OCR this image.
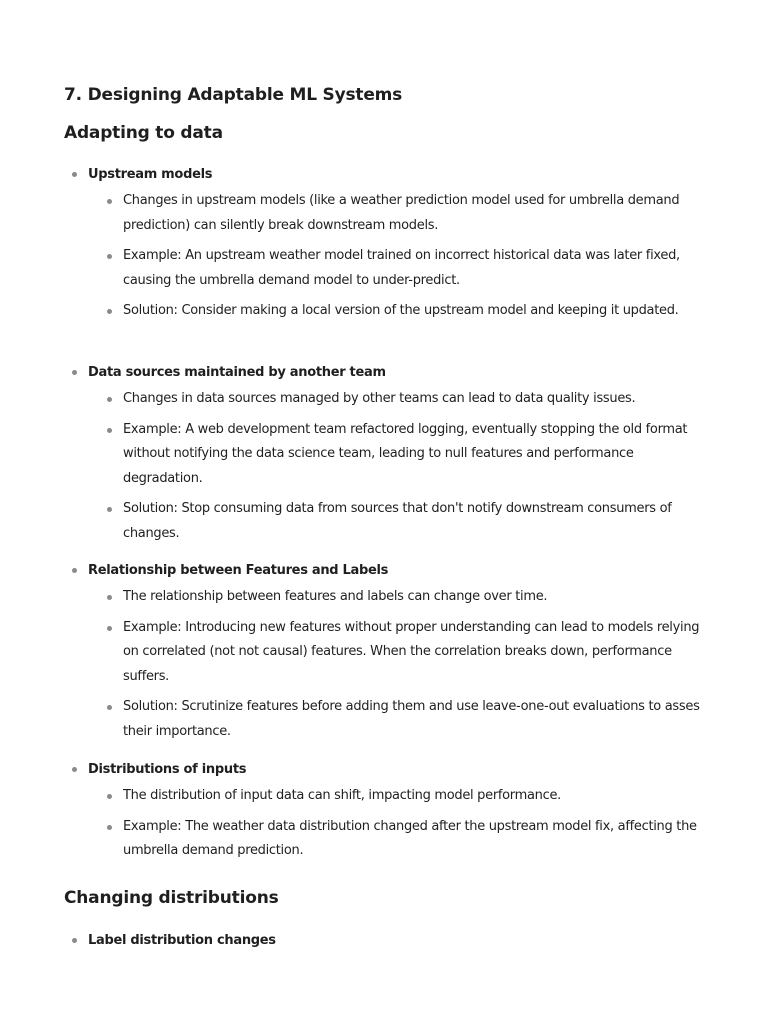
7. Designing Adaptable ML Systems
Adapting to data
Upstream models
Changes in upstream models (like a weather prediction model used for umbrella demand prediction) can silently break downstream models.
Example: An upstream weather model trained on incorrect historical data was later fixed, causing the umbrella demand model to under-predict.
Solution: Consider making a local version of the upstream model and keeping it updated.
Data sources maintained by another team
Changes in data sources managed by other teams can lead to data quality issues.
Example: A web development team refactored logging, eventually stopping the old format without notifying the data science team, leading to null features and performance degradation.
Solution: Stop consuming data from sources that don't notify downstream consumers of changes.
Relationship between Features and Labels
The relationship between features and labels can change over time.
Example: Introducing new features without proper understanding can lead to models relying on correlated (not not causal) features. When the correlation breaks down, performance suffers.
Solution: Scrutinize features before adding them and use leave-one-out evaluations to asses their importance.
Distributions of inputs
The distribution of input data can shift, impacting model performance.
Example: The weather data distribution changed after the upstream model fix, affecting the umbrella demand prediction.
Changing distributions
Label distribution changes
